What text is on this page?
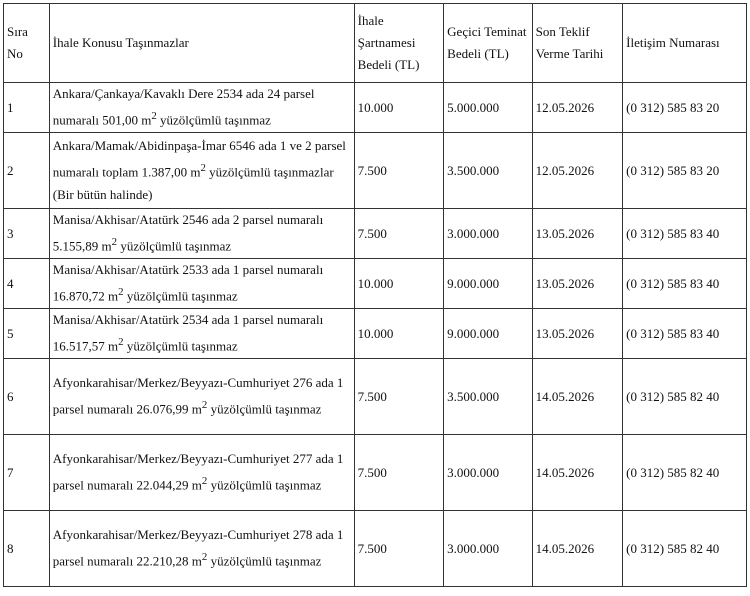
Sıra No	İhale Konusu Taşınmazlar	İhale Şartnamesi Bedeli (TL)	Geçici Teminat Bedeli (TL)	Son Teklif Verme Tarihi	İletişim Numarası
1	Ankara/Çankaya/Kavaklı Dere 2534 ada 24 parsel numaralı 501,00 $m^2$ yüzölçümlü taşınmaz	10.000	5.000.000	12.05.2026	(0 312) 585 83 20
2	Ankara/Mamak/Abidinpaşa-İmar 6546 ada 1 ve 2 parsel numaralı toplam 1.387,00 $m^2$ yüzölçümlü taşınmazlar (Bir bütün halinde)	7.500	3.500.000	12.05.2026	(0 312) 585 83 20
3	Manisa/Akhisar/Atatürk 2546 ada 2 parsel numaralı 5.155,89 $m^2$ yüzölçümlü taşınmaz	7.500	3.000.000	13.05.2026	(0 312) 585 83 40
4	Manisa/Akhisar/Atatürk 2533 ada 1 parsel numaralı 16.870,72 $m^2$ yüzölçümlü taşınmaz	10.000	9.000.000	13.05.2026	(0 312) 585 83 40
5	Manisa/Akhisar/Atatürk 2534 ada 1 parsel numaralı 16.517,57 $m^2$ yüzölçümlü taşınmaz	10.000	9.000.000	13.05.2026	(0 312) 585 83 40
6	Afyonkarahisar/Merkez/Beyyazı-Cumhuriyet 276 ada 1 parsel numaralı 26.076,99 $m^2$ yüzölçümlü taşınmaz	7.500	3.500.000	14.05.2026	(0 312) 585 82 40
7	Afyonkarahisar/Merkez/Beyyazı-Cumhuriyet 277 ada 1 parsel numaralı 22.044,29 $m^2$ yüzölçümlü taşınmaz	7.500	3.000.000	14.05.2026	(0 312) 585 82 40
8	Afyonkarahisar/Merkez/Beyyazı-Cumhuriyet 278 ada 1 parsel numaralı 22.210,28 $m^2$ yüzölçümlü taşınmaz	7.500	3.000.000	14.05.2026	(0 312) 585 82 40
